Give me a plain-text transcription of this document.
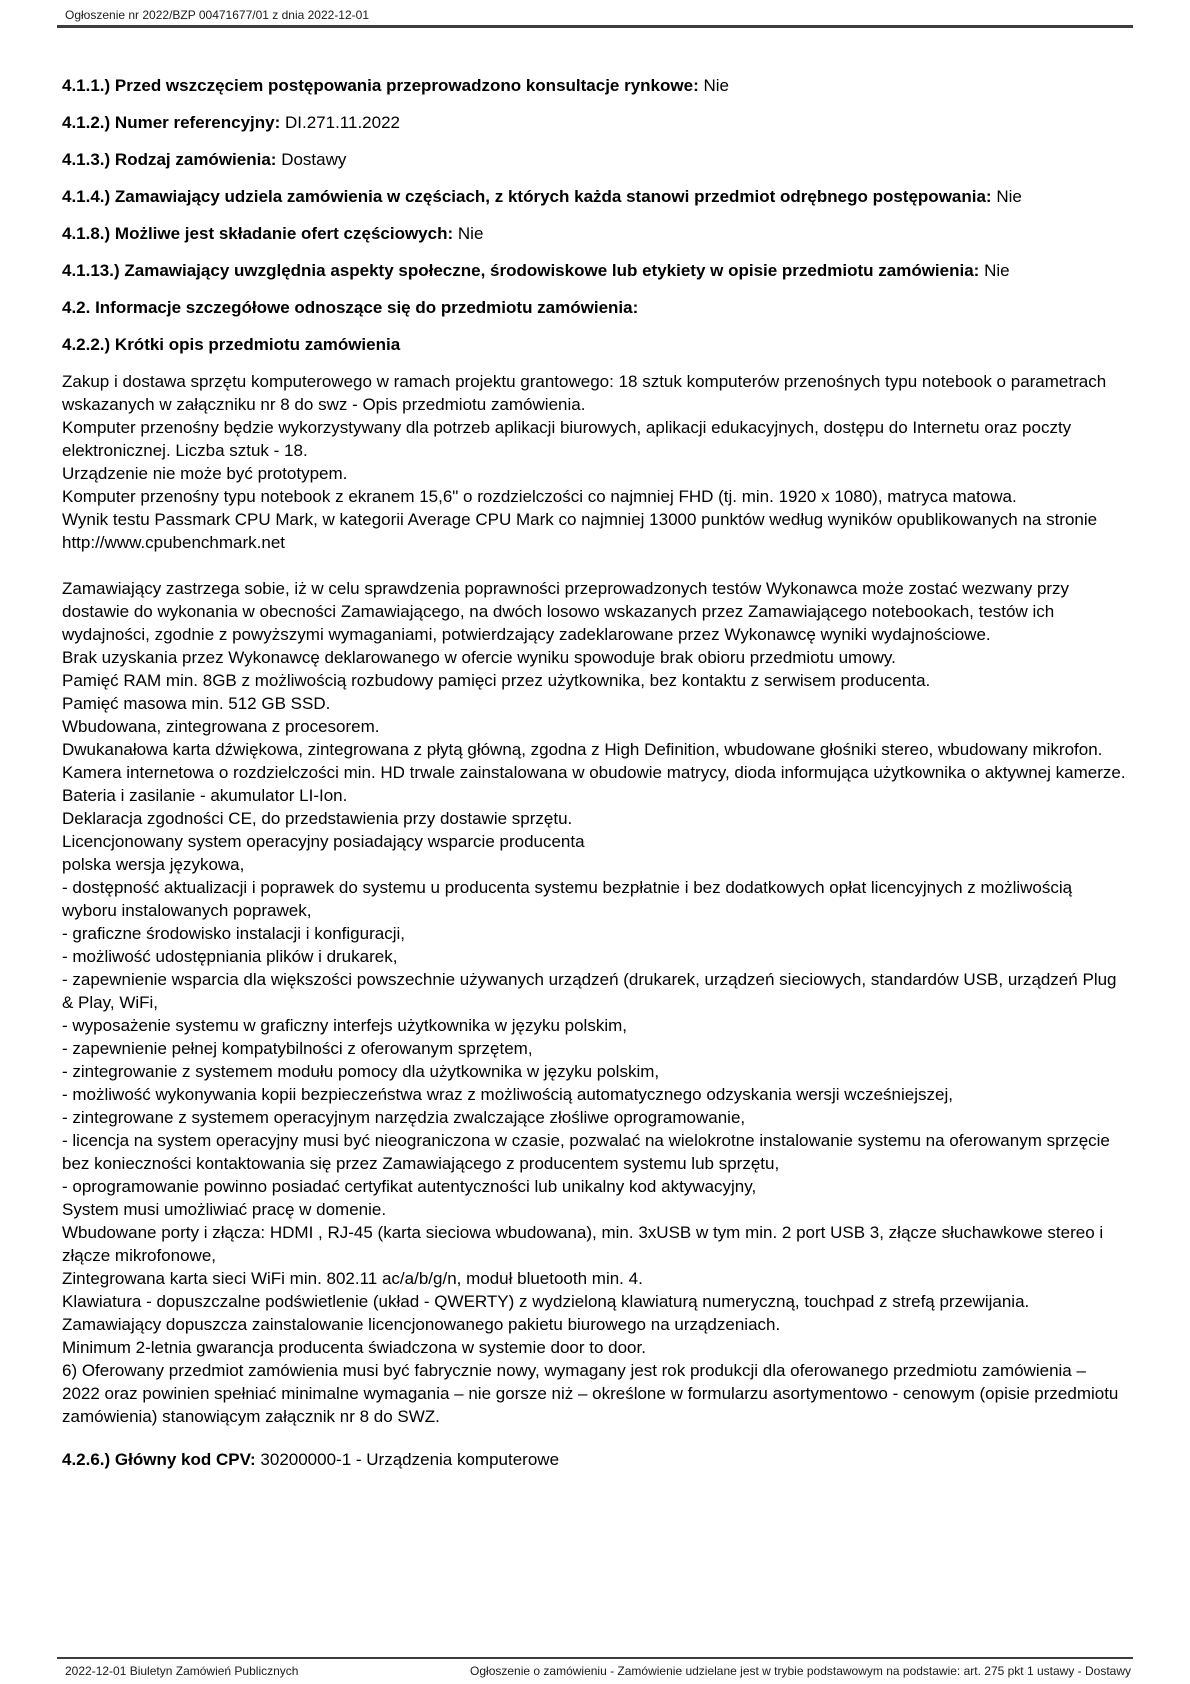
Ogłoszenie nr 2022/BZP 00471677/01 z dnia 2022-12-01

4.1.1.) Przed wszczęciem postępowania przeprowadzono konsultacje rynkowe: Nie

4.1.2.) Numer referencyjny: DI.271.11.2022

4.1.3.) Rodzaj zamówienia: Dostawy

4.1.4.) Zamawiający udziela zamówienia w częściach, z których każda stanowi przedmiot odrębnego postępowania: Nie

4.1.8.) Możliwe jest składanie ofert częściowych: Nie

4.1.13.) Zamawiający uwzględnia aspekty społeczne, środowiskowe lub etykiety w opisie przedmiotu zamówienia: Nie

4.2. Informacje szczegółowe odnoszące się do przedmiotu zamówienia:

4.2.2.) Krótki opis przedmiotu zamówienia

Zakup i dostawa sprzętu komputerowego w ramach projektu grantowego: 18 sztuk komputerów przenośnych typu notebook o parametrach wskazanych w załączniku nr 8 do swz - Opis przedmiotu zamówienia.

Komputer przenośny będzie wykorzystywany dla potrzeb aplikacji biurowych, aplikacji edukacyjnych, dostępu do Internetu oraz poczty elektronicznej. Liczba sztuk - 18.

Urządzenie nie może być prototypem.

Komputer przenośny typu notebook z ekranem 15,6" o rozdzielczości co najmniej FHD (tj. min. 1920 x 1080), matryca matowa.

Wynik testu Passmark CPU Mark, w kategorii Average CPU Mark co najmniej 13000 punktów według wyników opublikowanych na stronie http://www.cpubenchmark.net

Zamawiający zastrzega sobie, iż w celu sprawdzenia poprawności przeprowadzonych testów Wykonawca może zostać wezwany przy dostawie do wykonania w obecności Zamawiającego, na dwóch losowo wskazanych przez Zamawiającego notebookach, testów ich wydajności, zgodnie z powyższymi wymaganiami, potwierdzający zadeklarowane przez Wykonawcę wyniki wydajnościowe.

Brak uzyskania przez Wykonawcę deklarowanego w ofercie wyniku spowoduje brak obioru przedmiotu umowy.

Pamięć RAM min. 8GB z możliwością rozbudowy pamięci przez użytkownika, bez kontaktu z serwisem producenta.

Pamięć masowa min. 512 GB SSD.

Wbudowana, zintegrowana z procesorem.

Dwukanałowa karta dźwiękowa, zintegrowana z płytą główną, zgodna z High Definition, wbudowane głośniki stereo, wbudowany mikrofon. Kamera internetowa o rozdzielczości min. HD trwale zainstalowana w obudowie matrycy, dioda informująca użytkownika o aktywnej kamerze.

Bateria i zasilanie - akumulator LI-Ion.

Deklaracja zgodności CE, do przedstawienia przy dostawie sprzętu.

Licencjonowany system operacyjny posiadający wsparcie producenta

polska wersja językowa,

- dostępność aktualizacji i poprawek do systemu u producenta systemu bezpłatnie i bez dodatkowych opłat licencyjnych z możliwością wyboru instalowanych poprawek,

- graficzne środowisko instalacji i konfiguracji,

- możliwość udostępniania plików i drukarek,

- zapewnienie wsparcia dla większości powszechnie używanych urządzeń (drukarek, urządzeń sieciowych, standardów USB, urządzeń Plug & Play, WiFi,

- wyposażenie systemu w graficzny interfejs użytkownika w języku polskim,

- zapewnienie pełnej kompatybilności z oferowanym sprzętem,

- zintegrowanie z systemem modułu pomocy dla użytkownika w języku polskim,

- możliwość wykonywania kopii bezpieczeństwa wraz z możliwością automatycznego odzyskania wersji wcześniejszej,

- zintegrowane z systemem operacyjnym narzędzia zwalczające złośliwe oprogramowanie,

- licencja na system operacyjny musi być nieograniczona w czasie, pozwalać na wielokrotne instalowanie systemu na oferowanym sprzęcie bez konieczności kontaktowania się przez Zamawiającego z producentem systemu lub sprzętu,

- oprogramowanie powinno posiadać certyfikat autentyczności lub unikalny kod aktywacyjny,

System musi umożliwiać pracę w domenie.

Wbudowane porty i złącza: HDMI , RJ-45 (karta sieciowa wbudowana), min. 3xUSB w tym min. 2 port USB 3, złącze słuchawkowe stereo i złącze mikrofonowe,

Zintegrowana karta sieci WiFi min. 802.11 ac/a/b/g/n, moduł bluetooth min. 4.

Klawiatura - dopuszczalne podświetlenie (układ - QWERTY) z wydzieloną klawiaturą numeryczną, touchpad z strefą przewijania.

Zamawiający dopuszcza zainstalowanie licencjonowanego pakietu biurowego na urządzeniach.

Minimum 2-letnia gwarancja producenta świadczona w systemie door to door.

6) Oferowany przedmiot zamówienia musi być fabrycznie nowy, wymagany jest rok produkcji dla oferowanego przedmiotu zamówienia – 2022 oraz powinien spełniać minimalne wymagania – nie gorsze niż – określone w formularzu asortymentowo - cenowym (opisie przedmiotu zamówienia) stanowiącym załącznik nr 8 do SWZ.

4.2.6.) Główny kod CPV: 30200000-1 - Urządzenia komputerowe

2022-12-01 Biuletyn Zamówień Publicznych	Ogłoszenie o zamówieniu - Zamówienie udzielane jest w trybie podstawowym na podstawie: art. 275 pkt 1 ustawy - Dostawy
